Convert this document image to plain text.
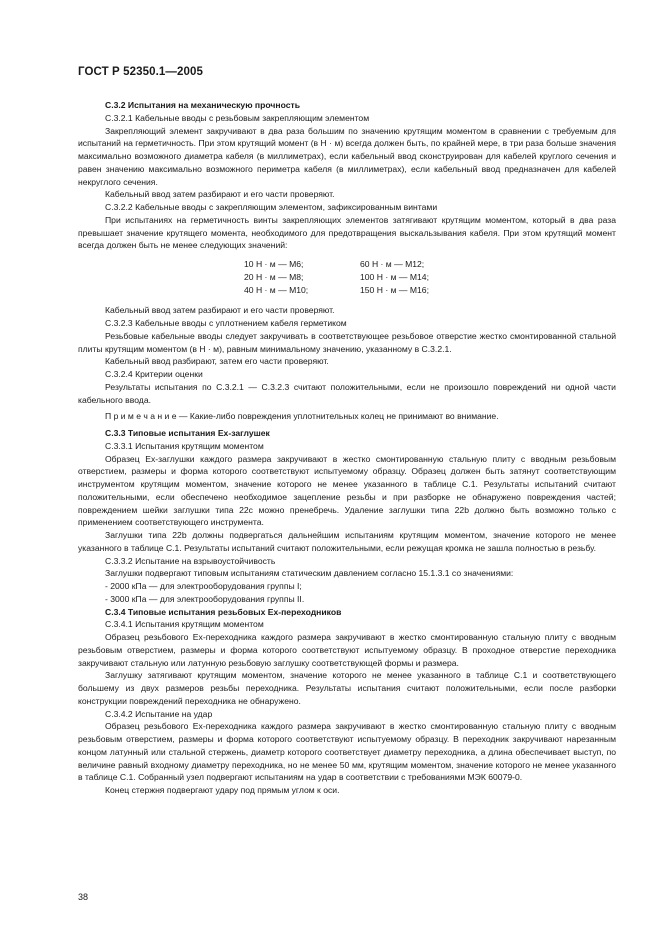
ГОСТ Р 52350.1—2005

С.3.2 Испытания на механическую прочность

С.3.2.1 Кабельные вводы с резьбовым закрепляющим элементом

Закрепляющий элемент закручивают в два раза большим по значению крутящим моментом в сравнении с требуемым для испытаний на герметичность. При этом крутящий момент (в Н · м) всегда должен быть, по крайней мере, в три раза больше значения максимально возможного диаметра кабеля (в миллиметрах), если кабельный ввод сконструирован для кабелей круглого сечения и равен значению максимально возможного периметра кабеля (в миллиметрах), если кабельный ввод предназначен для кабелей некруглого сечения.

Кабельный ввод затем разбирают и его части проверяют.

С.3.2.2 Кабельные вводы с закрепляющим элементом, зафиксированным винтами

При испытаниях на герметичность винты закрепляющих элементов затягивают крутящим моментом, который в два раза превышает значение крутящего момента, необходимого для предотвращения выскальзывания кабеля. При этом крутящий момент всегда должен быть не менее следующих значений:

10 Н · м — М6;	60 Н · м — М12;
20 Н · м — М8;	100 Н · м — М14;
40 Н · м — М10;	150 Н · м — М16;

Кабельный ввод затем разбирают и его части проверяют.

С.3.2.3 Кабельные вводы с уплотнением кабеля герметиком

Резьбовые кабельные вводы следует закручивать в соответствующее резьбовое отверстие жестко смонтированной стальной плиты крутящим моментом (в Н · м), равным минимальному значению, указанному в С.3.2.1.

Кабельный ввод разбирают, затем его части проверяют.

С.3.2.4 Критерии оценки

Результаты испытания по С.3.2.1 — С.3.2.3 считают положительными, если не произошло повреждений ни одной части кабельного ввода.

П р и м е ч а н и е — Какие-либо повреждения уплотнительных колец не принимают во внимание.

С.3.3 Типовые испытания Ех-заглушек

С.3.3.1 Испытания крутящим моментом

Образец Ех-заглушки каждого размера закручивают в жестко смонтированную стальную плиту с вводным резьбовым отверстием, размеры и форма которого соответствуют испытуемому образцу. Образец должен быть затянут соответствующим инструментом крутящим моментом, значение которого не менее указанного в таблице С.1. Результаты испытаний считают положительными, если обеспечено необходимое зацепление резьбы и при разборке не обнаружено повреждения частей; повреждением шейки заглушки типа 22с можно пренебречь. Удаление заглушки типа 22b должно быть возможно только с применением соответствующего инструмента.

Заглушки типа 22b должны подвергаться дальнейшим испытаниям крутящим моментом, значение которого не менее указанного в таблице С.1. Результаты испытаний считают положительными, если режущая кромка не зашла полностью в резьбу.

С.3.3.2 Испытание на взрывоустойчивость

Заглушки подвергают типовым испытаниям статическим давлением согласно 15.1.3.1 со значениями:

- 2000 кПа — для электрооборудования группы I;

- 3000 кПа — для электрооборудования группы II.

С.3.4 Типовые испытания резьбовых Ех-переходников

С.3.4.1 Испытания крутящим моментом

Образец резьбового Ех-переходника каждого размера закручивают в жестко смонтированную стальную плиту с вводным резьбовым отверстием, размеры и форма которого соответствуют испытуемому образцу. В проходное отверстие переходника закручивают стальную или латунную резьбовую заглушку соответствующей формы и размера.

Заглушку затягивают крутящим моментом, значение которого не менее указанного в таблице С.1 и соответствующего большему из двух размеров резьбы переходника. Результаты испытания считают положительными, если после разборки конструкции повреждений переходника не обнаружено.

С.3.4.2 Испытание на удар

Образец резьбового Ех-переходника каждого размера закручивают в жестко смонтированную стальную плиту с вводным резьбовым отверстием, размеры и форма которого соответствуют испытуемому образцу. В переходник закручивают нарезанным концом латунный или стальной стержень, диаметр которого соответствует диаметру переходника, а длина обеспечивает выступ, по величине равный входному диаметру переходника, но не менее 50 мм, крутящим моментом, значение которого не менее указанного в таблице С.1. Собранный узел подвергают испытаниям на удар в соответствии с требованиями МЭК 60079-0.

Конец стержня подвергают удару под прямым углом к оси.

38
